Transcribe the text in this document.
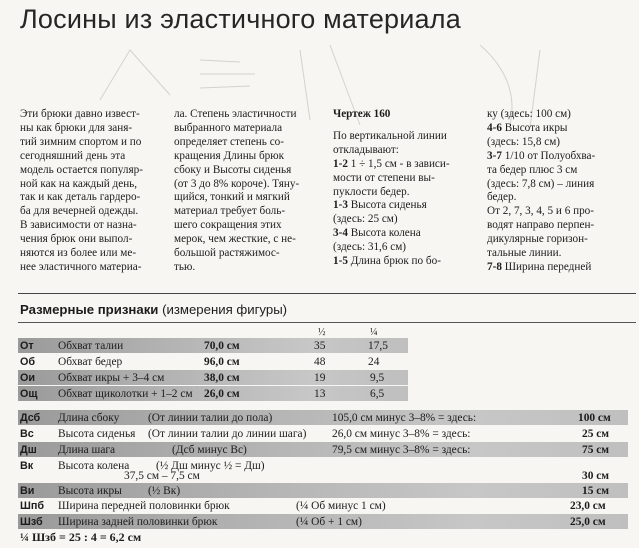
Лосины из эластичного материала
Эти брюки давно извест-
ны как брюки для заня-
тий зимним спортом и по
сегодняшний день эта
модель остается популяр-
ной как на каждый день,
так и как деталь гардеро-
ба для вечерней одежды.
В зависимости от назна-
чения брюк они выпол-
няются из более или ме-
нее эластичного материа-
ла. Степень эластичности
выбранного материала
определяет степень со-
кращения Длины брюк
сбоку и Высоты сиденья
(от 3 до 8% короче). Тяну-
щийся, тонкий и мягкий
материал требует боль-
шего сокращения этих
мерок, чем жесткие, с не-
большой растяжимос-
тью.
Чертеж 160
По вертикальной линии
откладывают:
1-2 1 ÷ 1,5 см - в зависи-
мости от степени вы-
пуклости бедер.
1-3 Высота сиденья
(здесь: 25 см)
3-4 Высота колена
(здесь: 31,6 см)
1-5 Длина брюк по бо-
ку (здесь: 100 см)
4-6 Высота икры
(здесь: 15,8 см)
3-7 1/10 от Полуобхва-
та бедер плюс 3 см
(здесь: 7,8 см) – линия
бедер.
От 2, 7, 3, 4, 5 и 6 про-
водят направо перпен-
дикулярные горизон-
тальные линии.
7-8 Ширина передней
Размерные признаки (измерения фигуры)
½	¼
От Обхват талии	70,0 см	35	17,5
Об Обхват бедер	96,0 см	48	24
Ои Обхват икры + 3–4 см	38,0 см	19	9,5
Ощ Обхват щиколотки + 1–2 см 26,0 см	13	6,5
Дсб Длина сбоку	(От линии талии до пола)	105,0 см минус 3–8% = здесь:	100 см
Вс Высота сиденья (От линии талии до линии шага) 26,0 см минус 3–8% = здесь:	25 см
Дш Длина шага	(Дсб минус Вс)	79,5 см минус 3–8% = здесь:	75 см
Вк Высота колена (½ Дш минус ½ = Дш)
37,5 см – 7,5 см	30 см
Ви Высота икры (½ Вк)	15 см
Шпб Ширина передней половинки брюк	(¼ Об минус 1 см)	23,0 см
Шзб Ширина задней половинки брюк	(¼ Об + 1 см)	25,0 см
¼ Шзб = 25 : 4 = 6,2 см
